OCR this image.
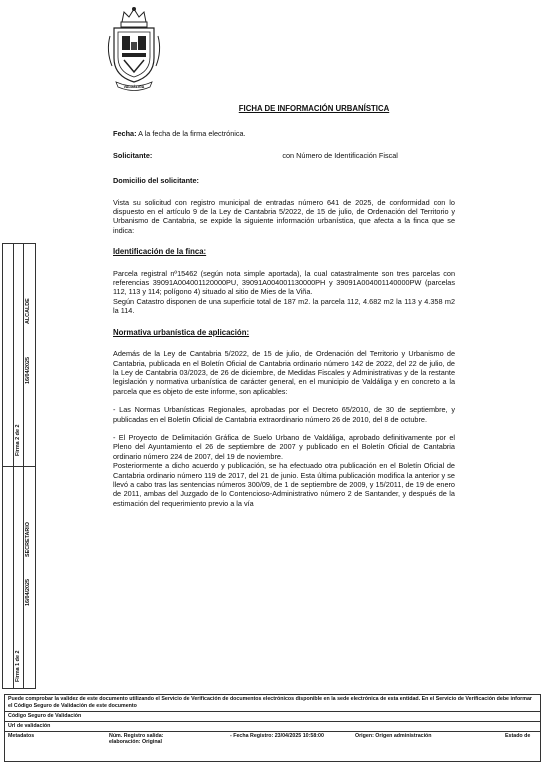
VALDÁLIGA

FICHA DE INFORMACIÓN URBANÍSTICA

Fecha: A la fecha de la firma electrónica.

Solicitante:	con Número de Identificación Fiscal

Domicilio del solicitante:

Vista su solicitud con registro municipal de entradas número 641 de 2025, de conformidad con lo dispuesto en el artículo 9 de la Ley de Cantabria 5/2022, de 15 de julio, de Ordenación del Territorio y Urbanismo de Cantabria, se expide la siguiente información urbanística, que afecta a la finca que se indica:

Identificación de la finca:

Parcela registral nº15462 (según nota simple aportada), la cual catastralmente son tres parcelas con referencias 39091A004001120000PU, 39091A004001130000PH y 39091A004001140000PW (parcelas 112, 113 y 114; polígono 4) situado al sitio de Mies de la Viña.

Según Catastro disponen de una superficie total de 187 m2. la parcela 112, 4.682 m2 la 113 y 4.358 m2 la 114.

Normativa urbanística de aplicación:

Además de la Ley de Cantabria 5/2022, de 15 de julio, de Ordenación del Territorio y Urbanismo de Cantabria, publicada en el Boletín Oficial de Cantabria ordinario número 142 de 2022, del 22 de julio, de la Ley de Cantabria 03/2023, de 26 de diciembre, de Medidas Fiscales y Administrativas y de la restante legislación y normativa urbanística de carácter general, en el municipio de Valdáliga y en concreto a la parcela que es objeto de este informe, son aplicables:

- Las Normas Urbanísticas Regionales, aprobadas por el Decreto 65/2010, de 30 de septiembre, y publicadas en el Boletín Oficial de Cantabria extraordinario número 26 de 2010, del 8 de octubre.

- El Proyecto de Delimitación Gráfica de Suelo Urbano de Valdáliga, aprobado definitivamente por el Pleno del Ayuntamiento el 26 de septiembre de 2007 y publicado en el Boletín Oficial de Cantabria ordinario número 224 de 2007, del 19 de noviembre.

Posteriormente a dicho acuerdo y publicación, se ha efectuado otra publicación en el Boletín Oficial de Cantabria ordinario número 119 de 2017, del 21 de junio. Esta última publicación modifica la anterior y se llevó a cabo tras las sentencias números 300/09, de 1 de septiembre de 2009, y 15/2011, de 19 de enero de 2011, ambas del Juzgado de lo Contencioso-Administrativo número 2 de Santander, y después de la estimación del requerimiento previo a la vía

Firma 2 de 2
16/04/2025
ALCALDE
Firma 1 de 2
16/04/2025
SECRETARIO
Puede comprobar la validez de este documento utilizando el Servicio de Verificación de documentos electrónicos disponible en la sede electrónica de esta entidad. En el Servicio de Verificación debe informar el Código Seguro de Validación de este documento
Código Seguro de Validación
Url de validación
Metadatos	Núm. Registro salida:
elaboración: Original
- Fecha Registro: 23/04/2025 10:58:00	Origen: Origen administración	Estado de
